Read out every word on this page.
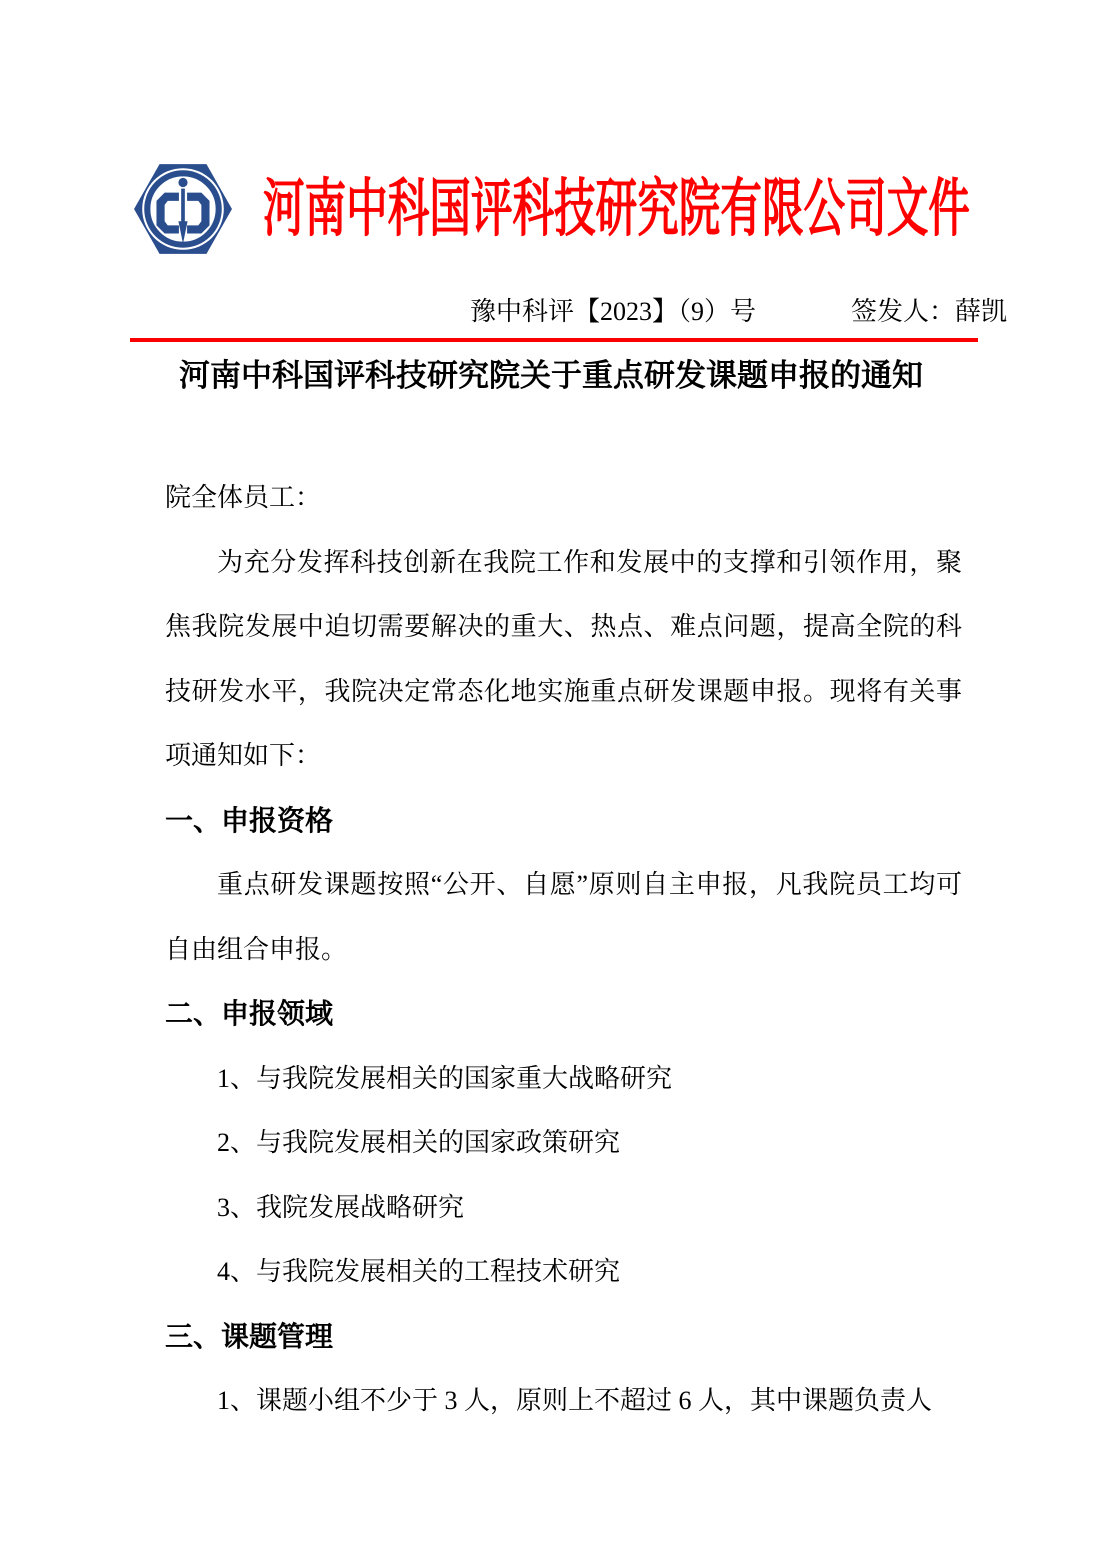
河南中科国评科技研究院有限公司文件
豫中科评【2023】（9）号	签发人：薛凯
河南中科国评科技研究院关于重点研发课题申报的通知

院全体员工：

为充分发挥科技创新在我院工作和发展中的支撑和引领作用，聚焦我院发展中迫切需要解决的重大、热点、难点问题，提高全院的科技研发水平，我院决定常态化地实施重点研发课题申报。现将有关事项通知如下：

一、申报资格

重点研发课题按照“公开、自愿”原则自主申报，凡我院员工均可自由组合申报。

二、申报领域

1、与我院发展相关的国家重大战略研究

2、与我院发展相关的国家政策研究

3、我院发展战略研究

4、与我院发展相关的工程技术研究

三、课题管理

1、课题小组不少于 3 人，原则上不超过 6 人，其中课题负责人
